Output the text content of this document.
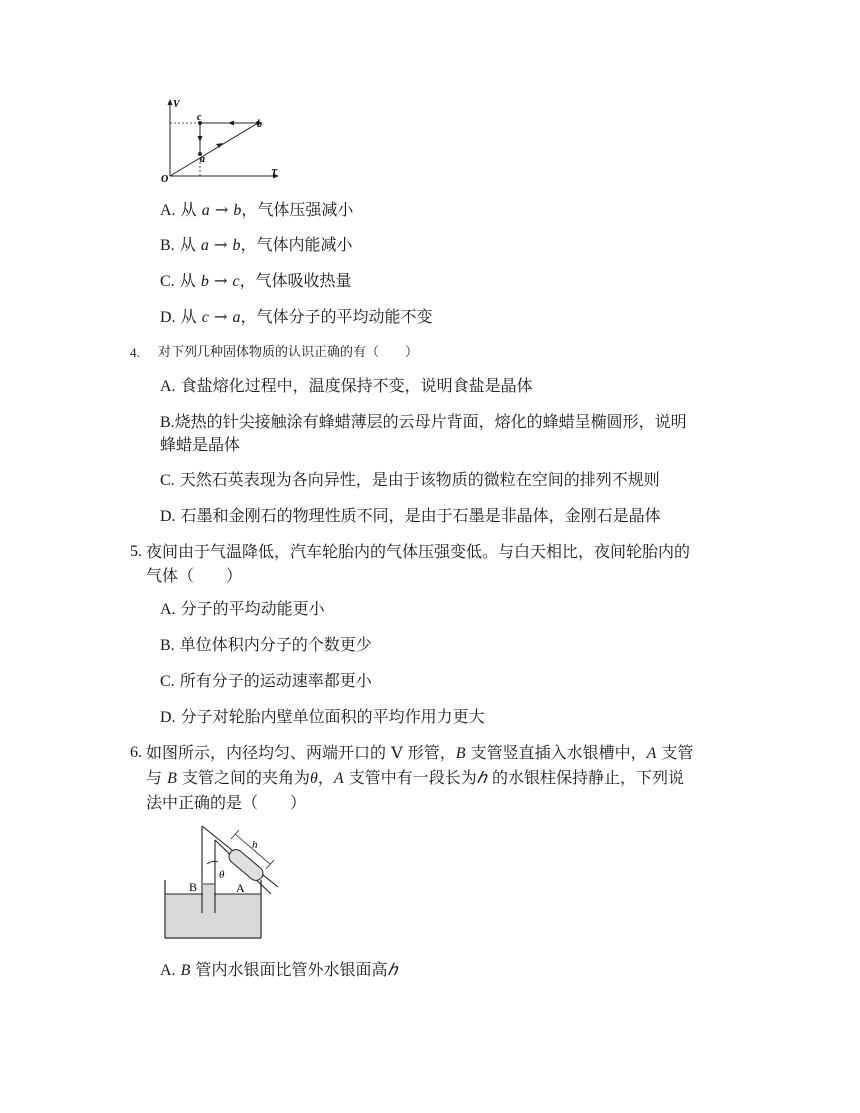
V
T
O
a
b
c
A. 从 a → b，气体压强减小
B. 从 a → b，气体内能减小
C. 从 b → c，气体吸收热量
D. 从 c → a，气体分子的平均动能不变
4. 对下列几种固体物质的认识正确的有（　　）
A. 食盐熔化过程中，温度保持不变，说明食盐是晶体
B.烧热的针尖接触涂有蜂蜡薄层的云母片背面，熔化的蜂蜡呈椭圆形，说明
蜂蜡是晶体
C. 天然石英表现为各向异性，是由于该物质的微粒在空间的排列不规则
D. 石墨和金刚石的物理性质不同，是由于石墨是非晶体，金刚石是晶体
5. 夜间由于气温降低，汽车轮胎内的气体压强变低。与白天相比，夜间轮胎内的
气体（　　）
A. 分子的平均动能更小
B. 单位体积内分子的个数更少
C. 所有分子的运动速率都更小
D. 分子对轮胎内壁单位面积的平均作用力更大
6. 如图所示，内径均匀、两端开口的 V 形管，B 支管竖直插入水银槽中，A 支管
与 B 支管之间的夹角为θ，A 支管中有一段长为ℎ 的水银柱保持静止，下列说
法中正确的是（　　）
h
θ
B	A
A. B 管内水银面比管外水银面高ℎ
